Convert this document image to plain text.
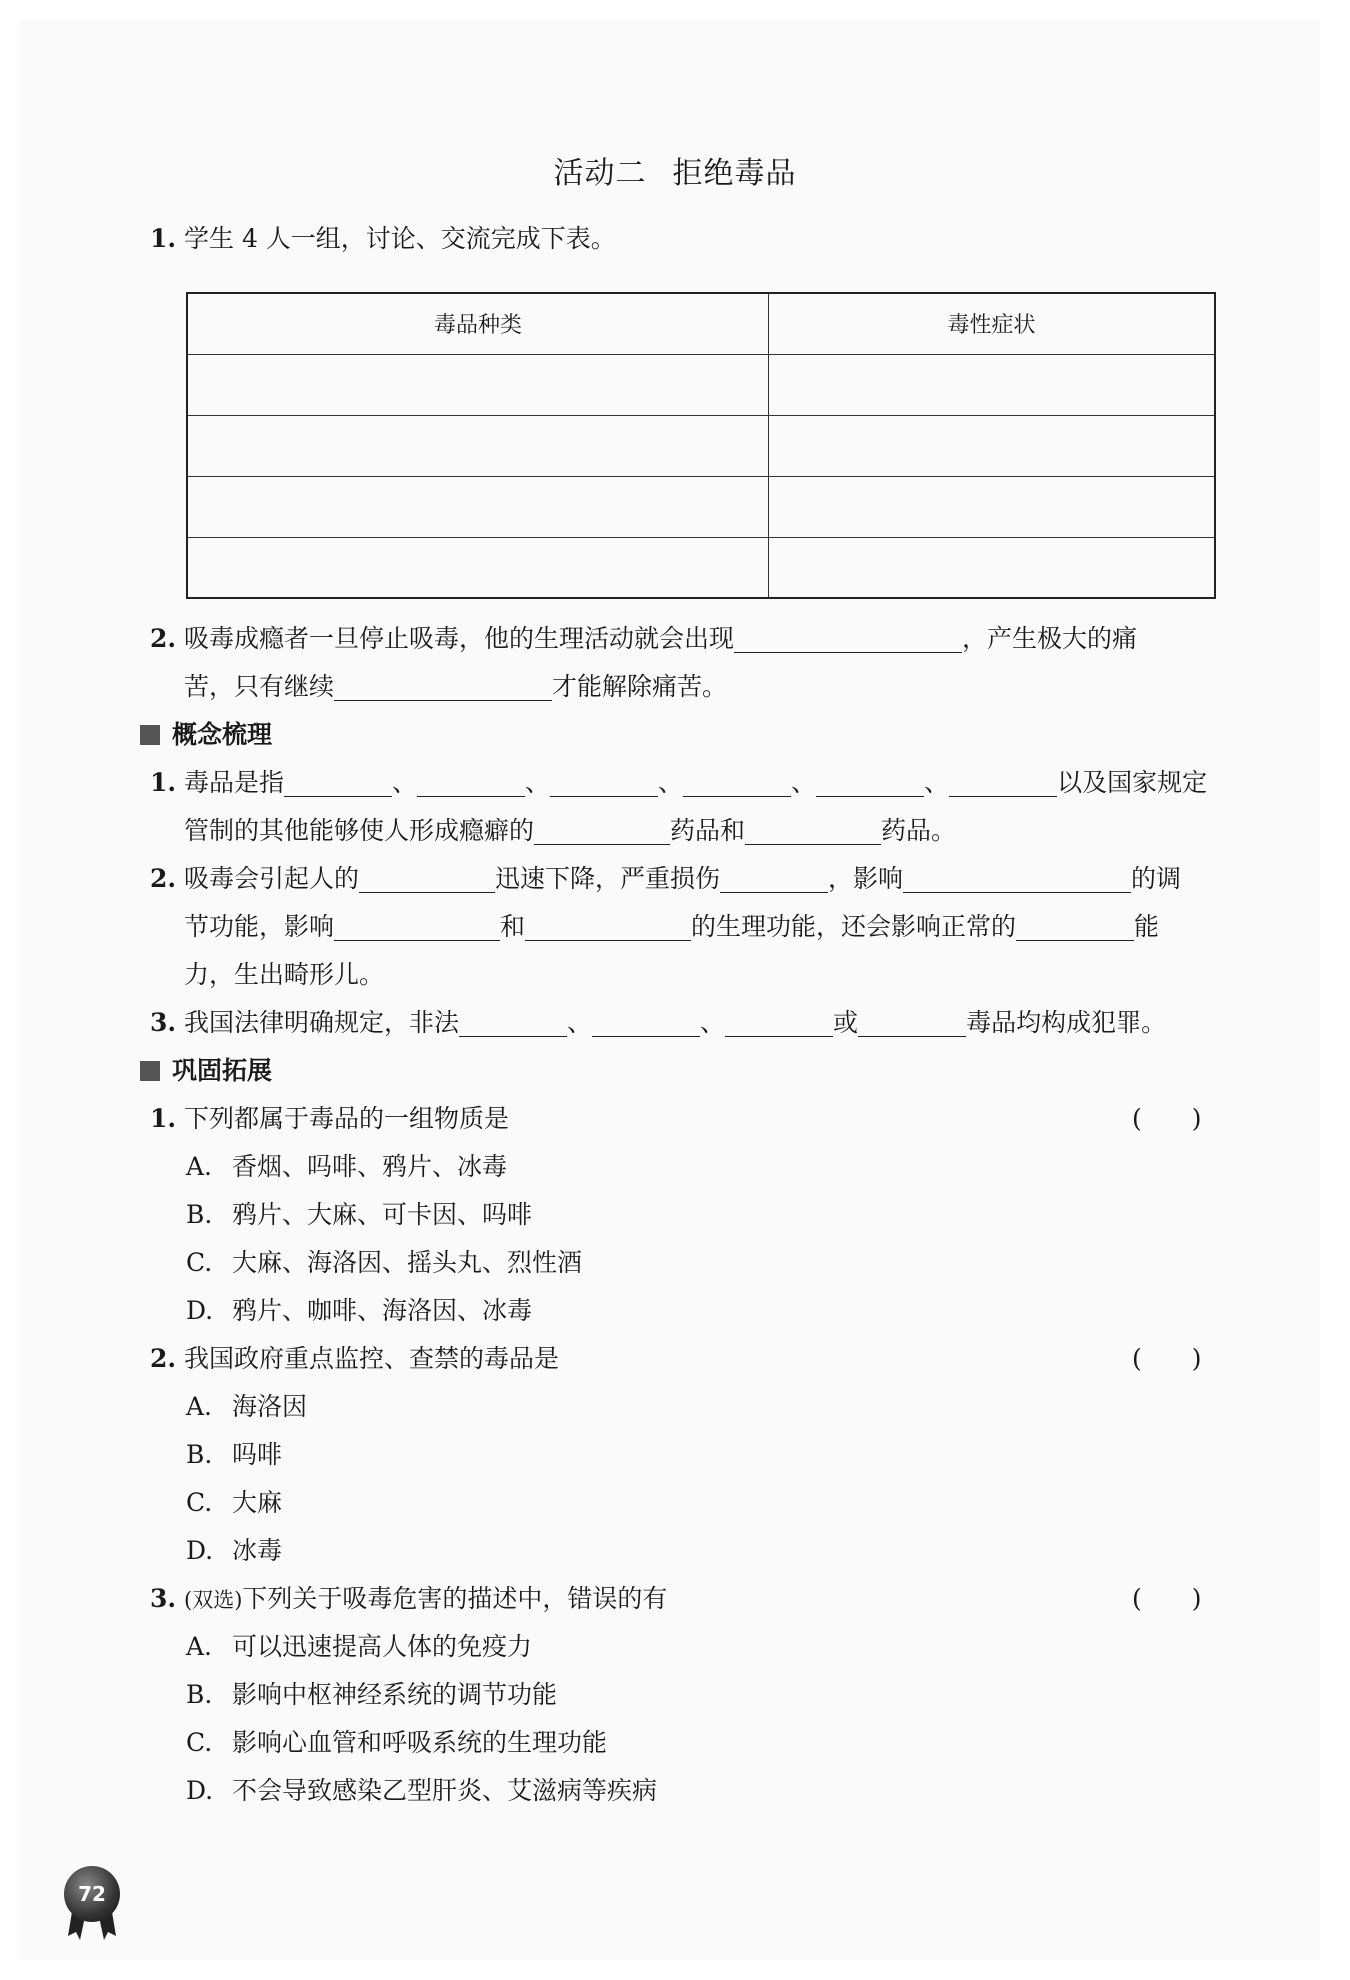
活动二 拒绝毒品
1. 学生 4 人一组，讨论、交流完成下表。
毒品种类	毒性症状

2. 吸毒成瘾者一旦停止吸毒，他的生理活动就会出现	，产生极大的痛
苦，只有继续	才能解除痛苦。
概念梳理
1. 毒品是指	、	、	、	、	、	以及国家规定
管制的其他能够使人形成瘾癖的	药品和	药品。
2. 吸毒会引起人的	迅速下降，严重损伤	，影响	的调
节功能，影响	和	的生理功能，还会影响正常的	能
力，生出畸形儿。
3. 我国法律明确规定，非法	、	、	或	毒品均构成犯罪。
巩固拓展
1. 下列都属于毒品的一组物质是	(　　)
A. 香烟、吗啡、鸦片、冰毒
B. 鸦片、大麻、可卡因、吗啡
C. 大麻、海洛因、摇头丸、烈性酒
D. 鸦片、咖啡、海洛因、冰毒
2. 我国政府重点监控、查禁的毒品是	(　　)
A. 海洛因
B. 吗啡
C. 大麻
D. 冰毒
3. (双选)下列关于吸毒危害的描述中，错误的有	(　　)
A. 可以迅速提高人体的免疫力
B. 影响中枢神经系统的调节功能
C. 影响心血管和呼吸系统的生理功能
D. 不会导致感染乙型肝炎、艾滋病等疾病
72
